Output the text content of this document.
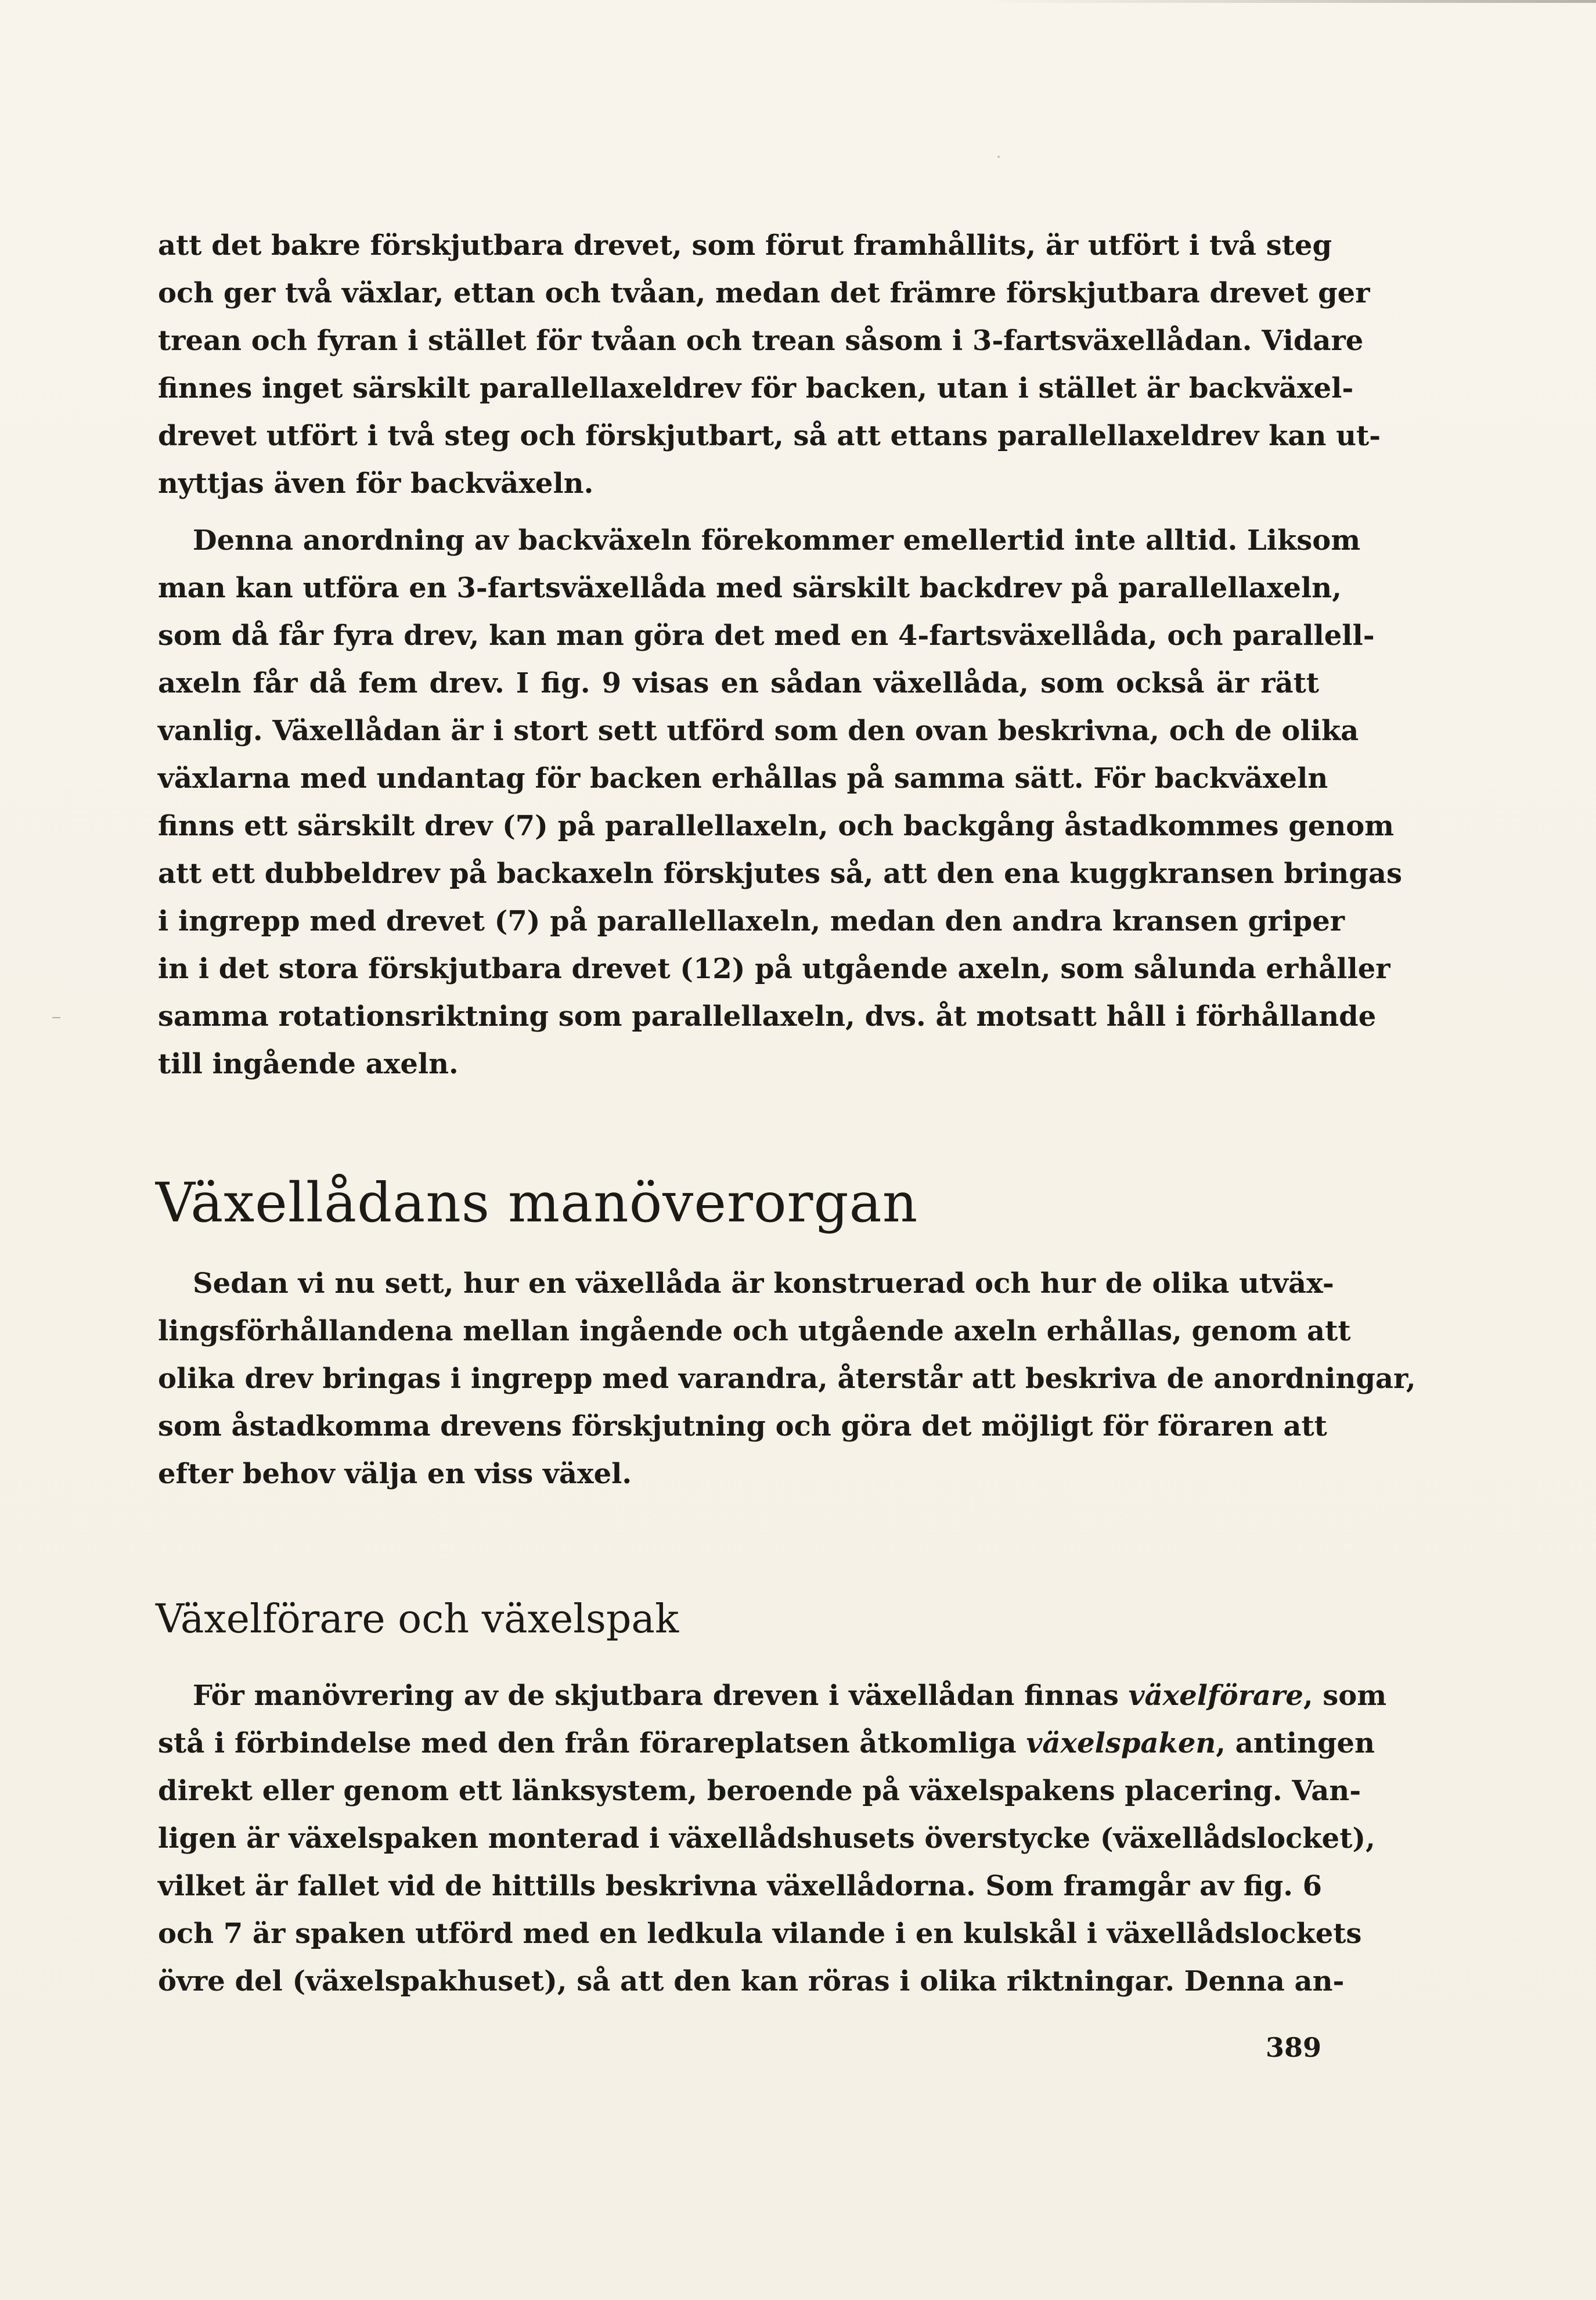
att det bakre förskjutbara drevet, som förut framhållits, är utfört i två steg
och ger två växlar, ettan och tvåan, medan det främre förskjutbara drevet ger
trean och fyran i stället för tvåan och trean såsom i 3-fartsväxellådan. Vidare
finnes inget särskilt parallellaxeldrev för backen, utan i stället är backväxel-
drevet utfört i två steg och förskjutbart, så att ettans parallellaxeldrev kan ut-
nyttjas även för backväxeln.
Denna anordning av backväxeln förekommer emellertid inte alltid. Liksom
man kan utföra en 3-fartsväxellåda med särskilt backdrev på parallellaxeln,
som då får fyra drev, kan man göra det med en 4-fartsväxellåda, och parallell-
axeln får då fem drev. I fig. 9 visas en sådan växellåda, som också är rätt
vanlig. Växellådan är i stort sett utförd som den ovan beskrivna, och de olika
växlarna med undantag för backen erhållas på samma sätt. För backväxeln
finns ett särskilt drev (7) på parallellaxeln, och backgång åstadkommes genom
att ett dubbeldrev på backaxeln förskjutes så, att den ena kuggkransen bringas
i ingrepp med drevet (7) på parallellaxeln, medan den andra kransen griper
in i det stora förskjutbara drevet (12) på utgående axeln, som sålunda erhåller
samma rotationsriktning som parallellaxeln, dvs. åt motsatt håll i förhållande
till ingående axeln.
Växellådans manöverorgan
Sedan vi nu sett, hur en växellåda är konstruerad och hur de olika utväx-
lingsförhållandena mellan ingående och utgående axeln erhållas, genom att
olika drev bringas i ingrepp med varandra, återstår att beskriva de anordningar,
som åstadkomma drevens förskjutning och göra det möjligt för föraren att
efter behov välja en viss växel.
Växelförare och växelspak
För manövrering av de skjutbara dreven i växellådan finnas växelförare, som
stå i förbindelse med den från förareplatsen åtkomliga växelspaken, antingen
direkt eller genom ett länksystem, beroende på växelspakens placering. Van-
ligen är växelspaken monterad i växellådshusets överstycke (växellådslocket),
vilket är fallet vid de hittills beskrivna växellådorna. Som framgår av fig. 6
och 7 är spaken utförd med en ledkula vilande i en kulskål i växellådslockets
övre del (växelspakhuset), så att den kan röras i olika riktningar. Denna an-
389
